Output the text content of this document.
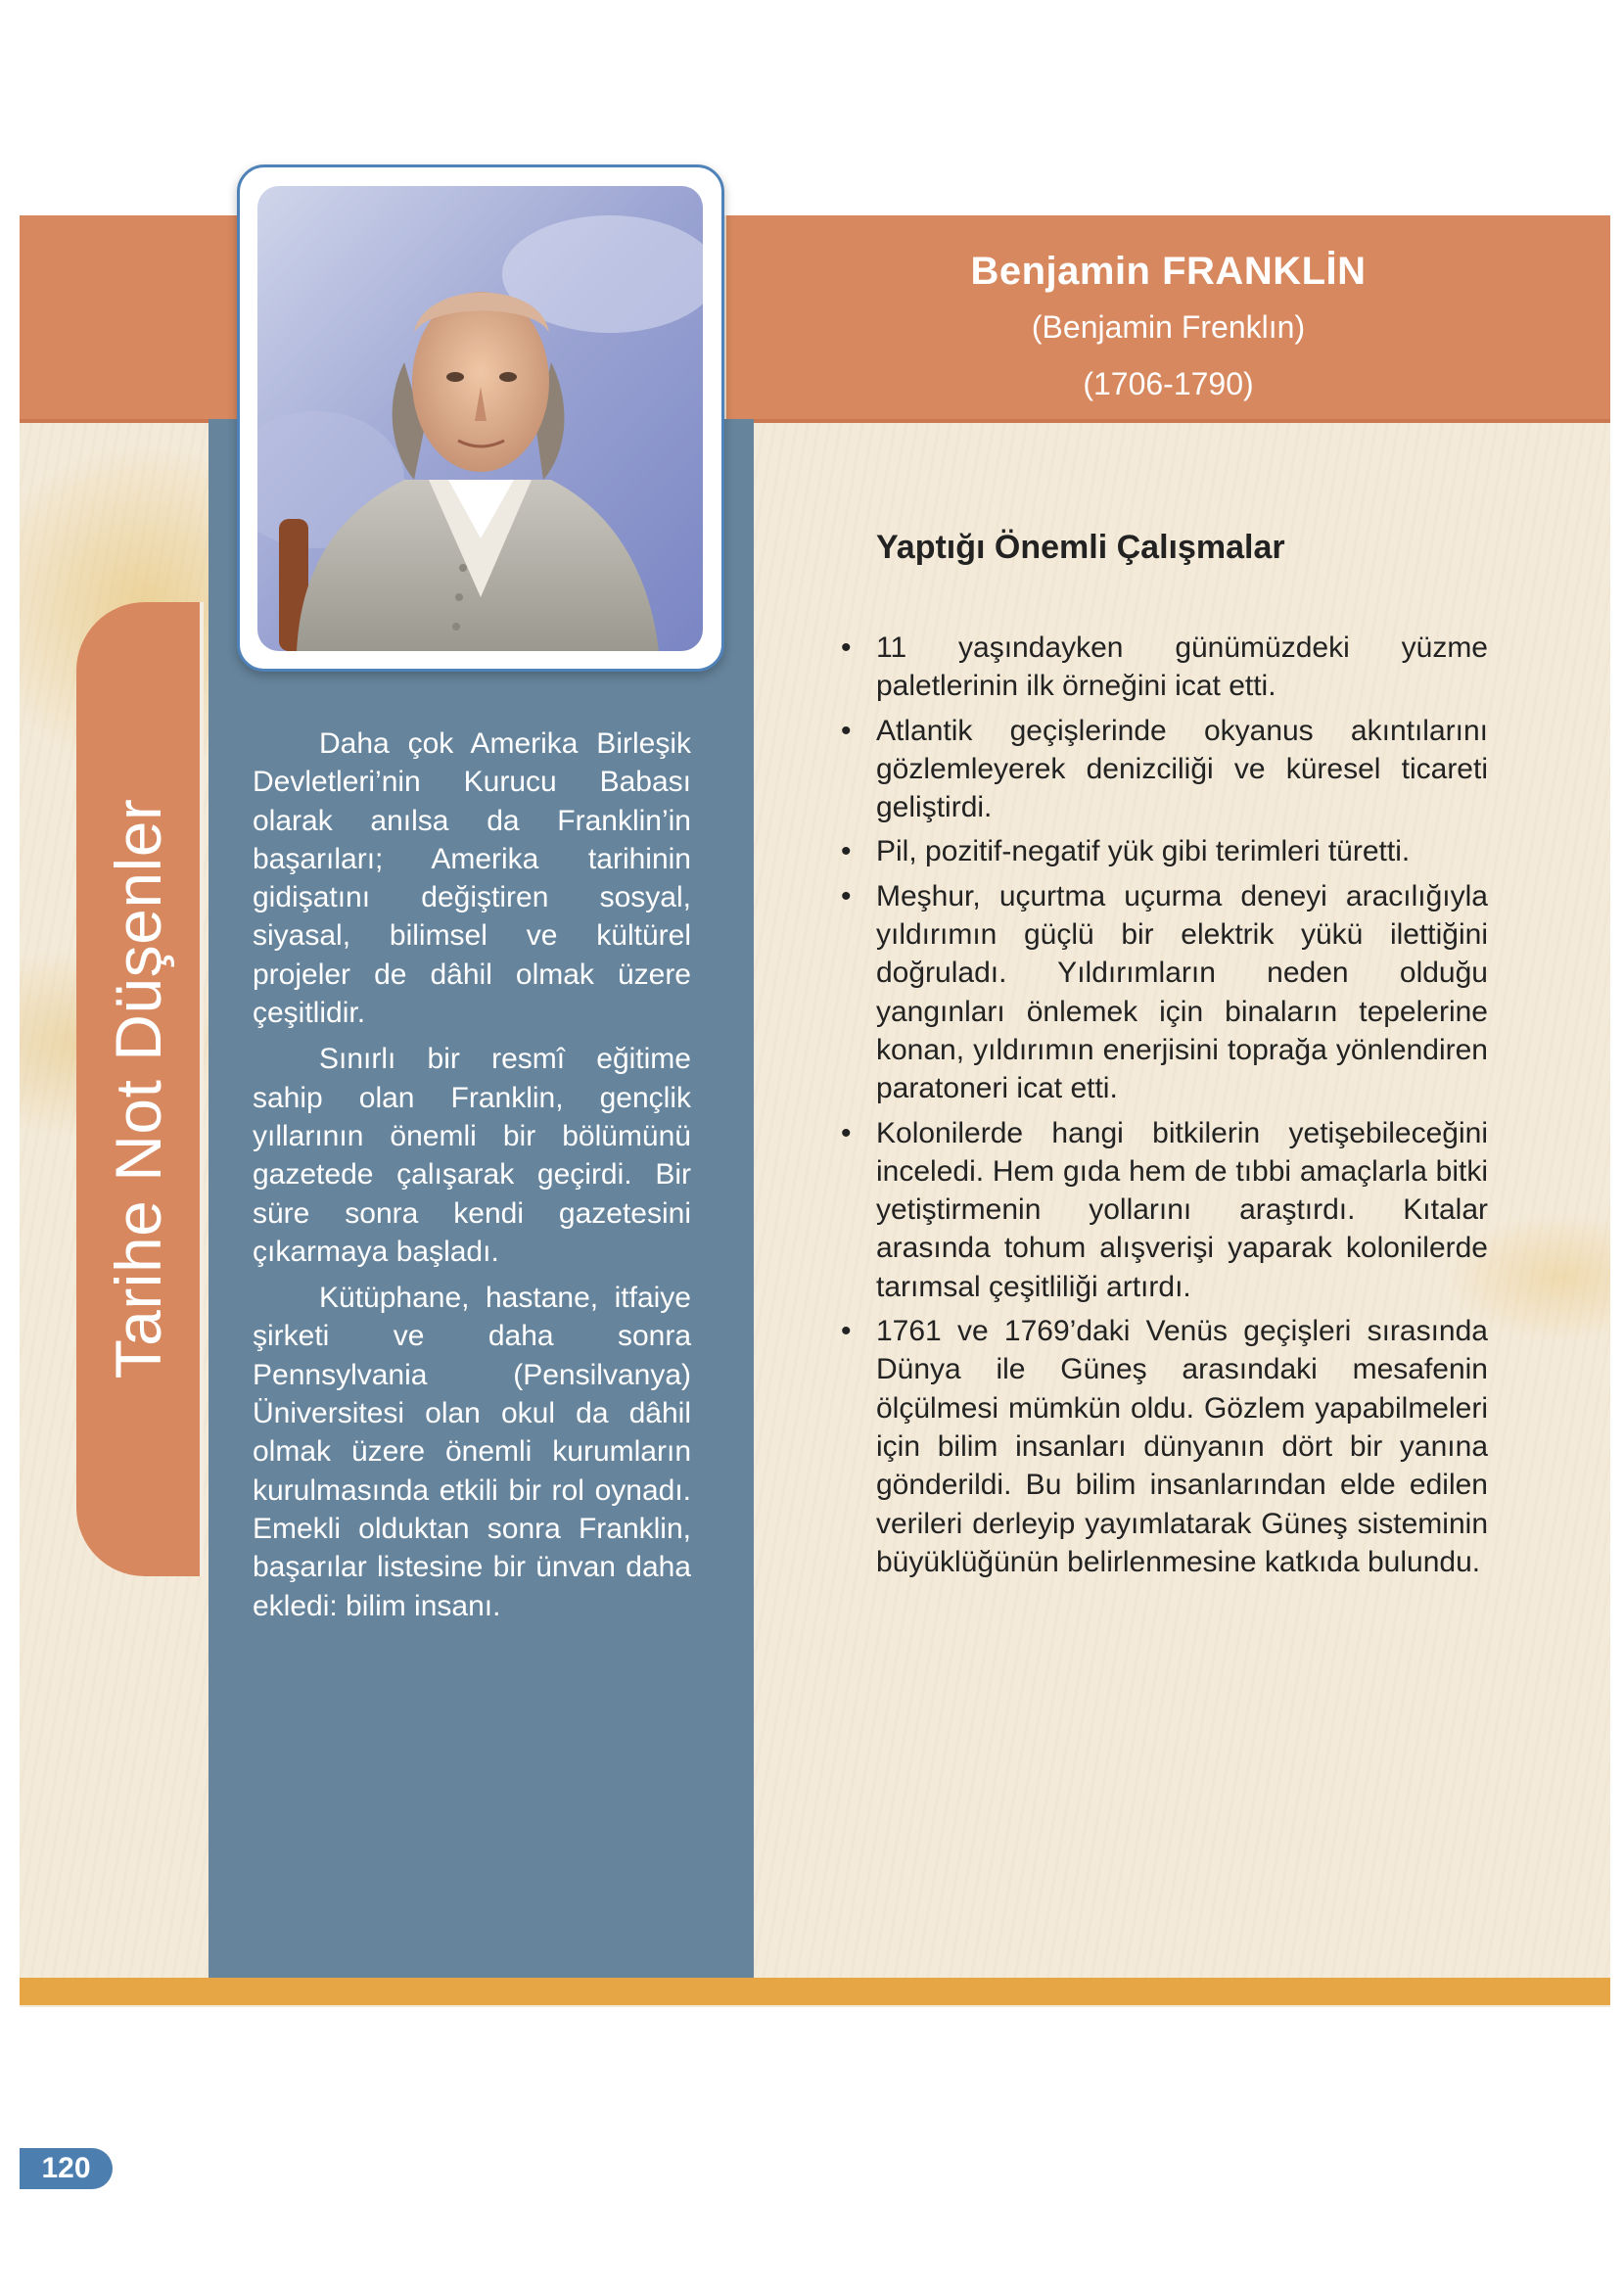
Benjamin FRANKLİN
(Benjamin Frenklın)
(1706-1790)
Tarihe Not Düşenler

Daha çok Amerika Birleşik Devletleri’nin Kurucu Babası olarak anılsa da Franklin’in başarıları; Amerika tarihinin gidişatını değiştiren sosyal, siyasal, bilimsel ve kültürel projeler de dâhil olmak üzere çeşitlidir.

Sınırlı bir resmî eğitime sahip olan Franklin, gençlik yıllarının önemli bir bölümünü gazetede çalışarak geçirdi. Bir süre sonra kendi gazetesini çıkarmaya başladı.

Kütüphane, hastane, itfaiye şirketi ve daha sonra Pennsylvania (Pensilvanya) Üniversitesi olan okul da dâhil olmak üzere önemli kurumların kurulmasında etkili bir rol oynadı. Emekli olduktan sonra Franklin, başarılar listesine bir ünvan daha ekledi: bilim insanı.

Yaptığı Önemli Çalışmalar
• 11 yaşındayken günümüzdeki yüzme paletlerinin ilk örneğini icat etti.
• Atlantik geçişlerinde okyanus akıntılarını gözlemleyerek denizciliği ve küresel ticareti geliştirdi.
• Pil, pozitif-negatif yük gibi terimleri türetti.
• Meşhur, uçurtma uçurma deneyi aracılığıyla yıldırımın güçlü bir elektrik yükü ilettiğini doğruladı. Yıldırımların neden olduğu yangınları önlemek için binaların tepelerine konan, yıldırımın enerjisini toprağa yönlendiren paratoneri icat etti.
• Kolonilerde hangi bitkilerin yetişebileceğini inceledi. Hem gıda hem de tıbbi amaçlarla bitki yetiştirmenin yollarını araştırdı. Kıtalar arasında tohum alışverişi yaparak kolonilerde tarımsal çeşitliliği artırdı.
• 1761 ve 1769’daki Venüs geçişleri sırasında Dünya ile Güneş arasındaki mesafenin ölçülmesi mümkün oldu. Gözlem yapabilmeleri için bilim insanları dünyanın dört bir yanına gönderildi. Bu bilim insanlarından elde edilen verileri derleyip yayımlatarak Güneş sisteminin büyüklüğünün belirlenmesine katkıda bulundu.
120
